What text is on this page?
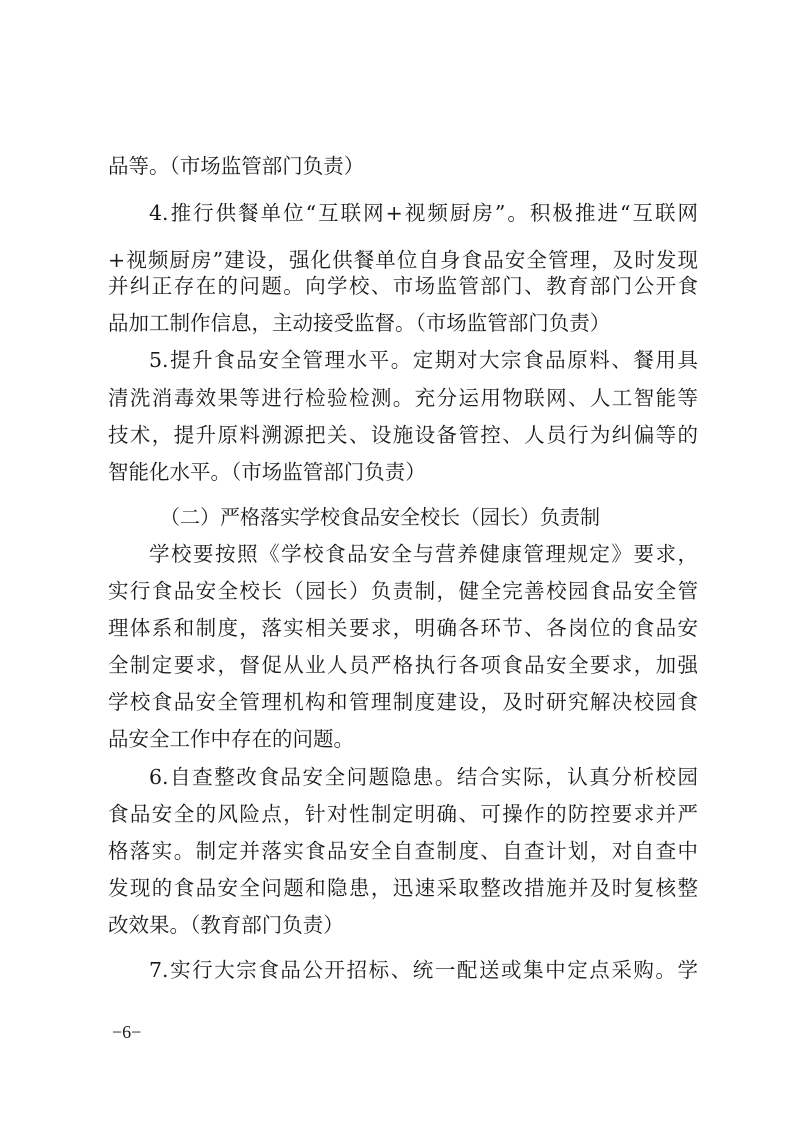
品等。（市场监管部门负责）
4.推行供餐单位“互联网+视频厨房”。积极推进“互联网
+视频厨房”建设，强化供餐单位自身食品安全管理，及时发现
并纠正存在的问题。向学校、市场监管部门、教育部门公开食
品加工制作信息，主动接受监督。（市场监管部门负责）
5.提升食品安全管理水平。定期对大宗食品原料、餐用具
清洗消毒效果等进行检验检测。充分运用物联网、人工智能等
技术，提升原料溯源把关、设施设备管控、人员行为纠偏等的
智能化水平。（市场监管部门负责）
（二）严格落实学校食品安全校长（园长）负责制
学校要按照《学校食品安全与营养健康管理规定》要求，
实行食品安全校长（园长）负责制，健全完善校园食品安全管
理体系和制度，落实相关要求，明确各环节、各岗位的食品安
全制定要求，督促从业人员严格执行各项食品安全要求，加强
学校食品安全管理机构和管理制度建设，及时研究解决校园食
品安全工作中存在的问题。
6.自查整改食品安全问题隐患。结合实际，认真分析校园
食品安全的风险点，针对性制定明确、可操作的防控要求并严
格落实。制定并落实食品安全自查制度、自查计划，对自查中
发现的食品安全问题和隐患，迅速采取整改措施并及时复核整
改效果。（教育部门负责）
7.实行大宗食品公开招标、统一配送或集中定点采购。学
−6−
